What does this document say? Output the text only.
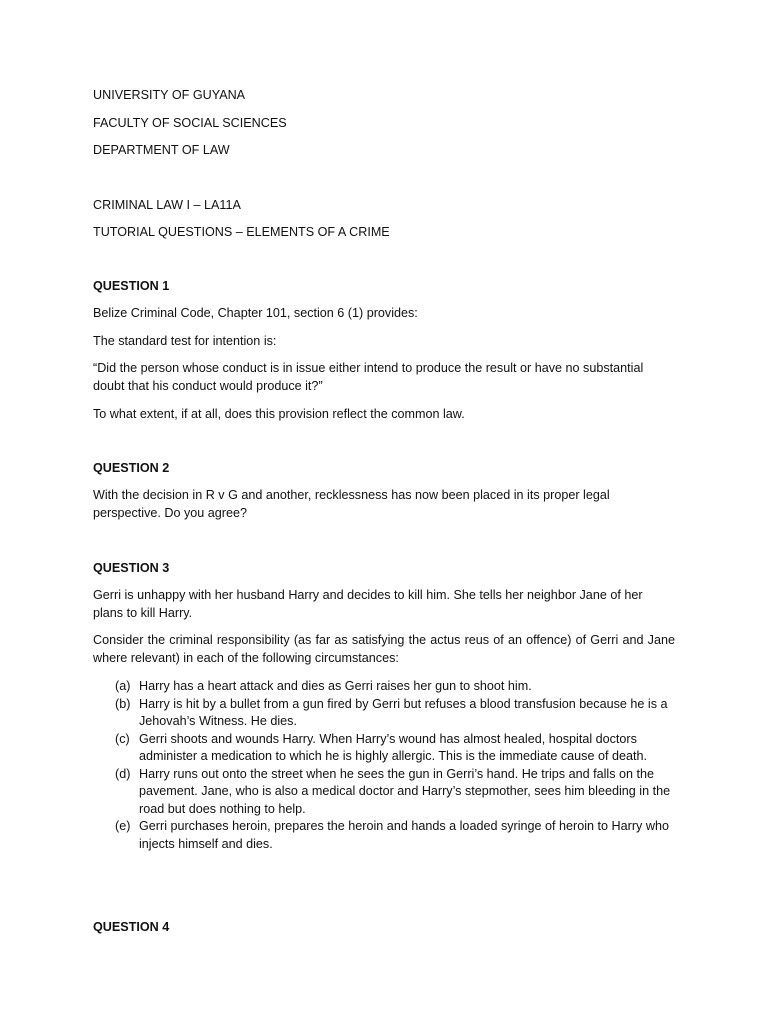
UNIVERSITY OF GUYANA
FACULTY OF SOCIAL SCIENCES
DEPARTMENT OF LAW
CRIMINAL LAW I – LA11A
TUTORIAL QUESTIONS – ELEMENTS OF A CRIME
QUESTION 1
Belize Criminal Code, Chapter 101, section 6 (1) provides:
The standard test for intention is:
“Did the person whose conduct is in issue either intend to produce the result or have no substantial doubt that his conduct would produce it?”
To what extent, if at all, does this provision reflect the common law.
QUESTION 2
With the decision in R v G and another, recklessness has now been placed in its proper legal perspective. Do you agree?
QUESTION 3
Gerri is unhappy with her husband Harry and decides to kill him. She tells her neighbor Jane of her plans to kill Harry.
Consider the criminal responsibility (as far as satisfying the actus reus of an offence) of Gerri and Jane where relevant) in each of the following circumstances:
(a) Harry has a heart attack and dies as Gerri raises her gun to shoot him.
(b) Harry is hit by a bullet from a gun fired by Gerri but refuses a blood transfusion because he is a Jehovah’s Witness. He dies.
(c) Gerri shoots and wounds Harry. When Harry’s wound has almost healed, hospital doctors administer a medication to which he is highly allergic. This is the immediate cause of death.
(d) Harry runs out onto the street when he sees the gun in Gerri’s hand. He trips and falls on the pavement. Jane, who is also a medical doctor and Harry’s stepmother, sees him bleeding in the road but does nothing to help.
(e) Gerri purchases heroin, prepares the heroin and hands a loaded syringe of heroin to Harry who injects himself and dies.
QUESTION 4
